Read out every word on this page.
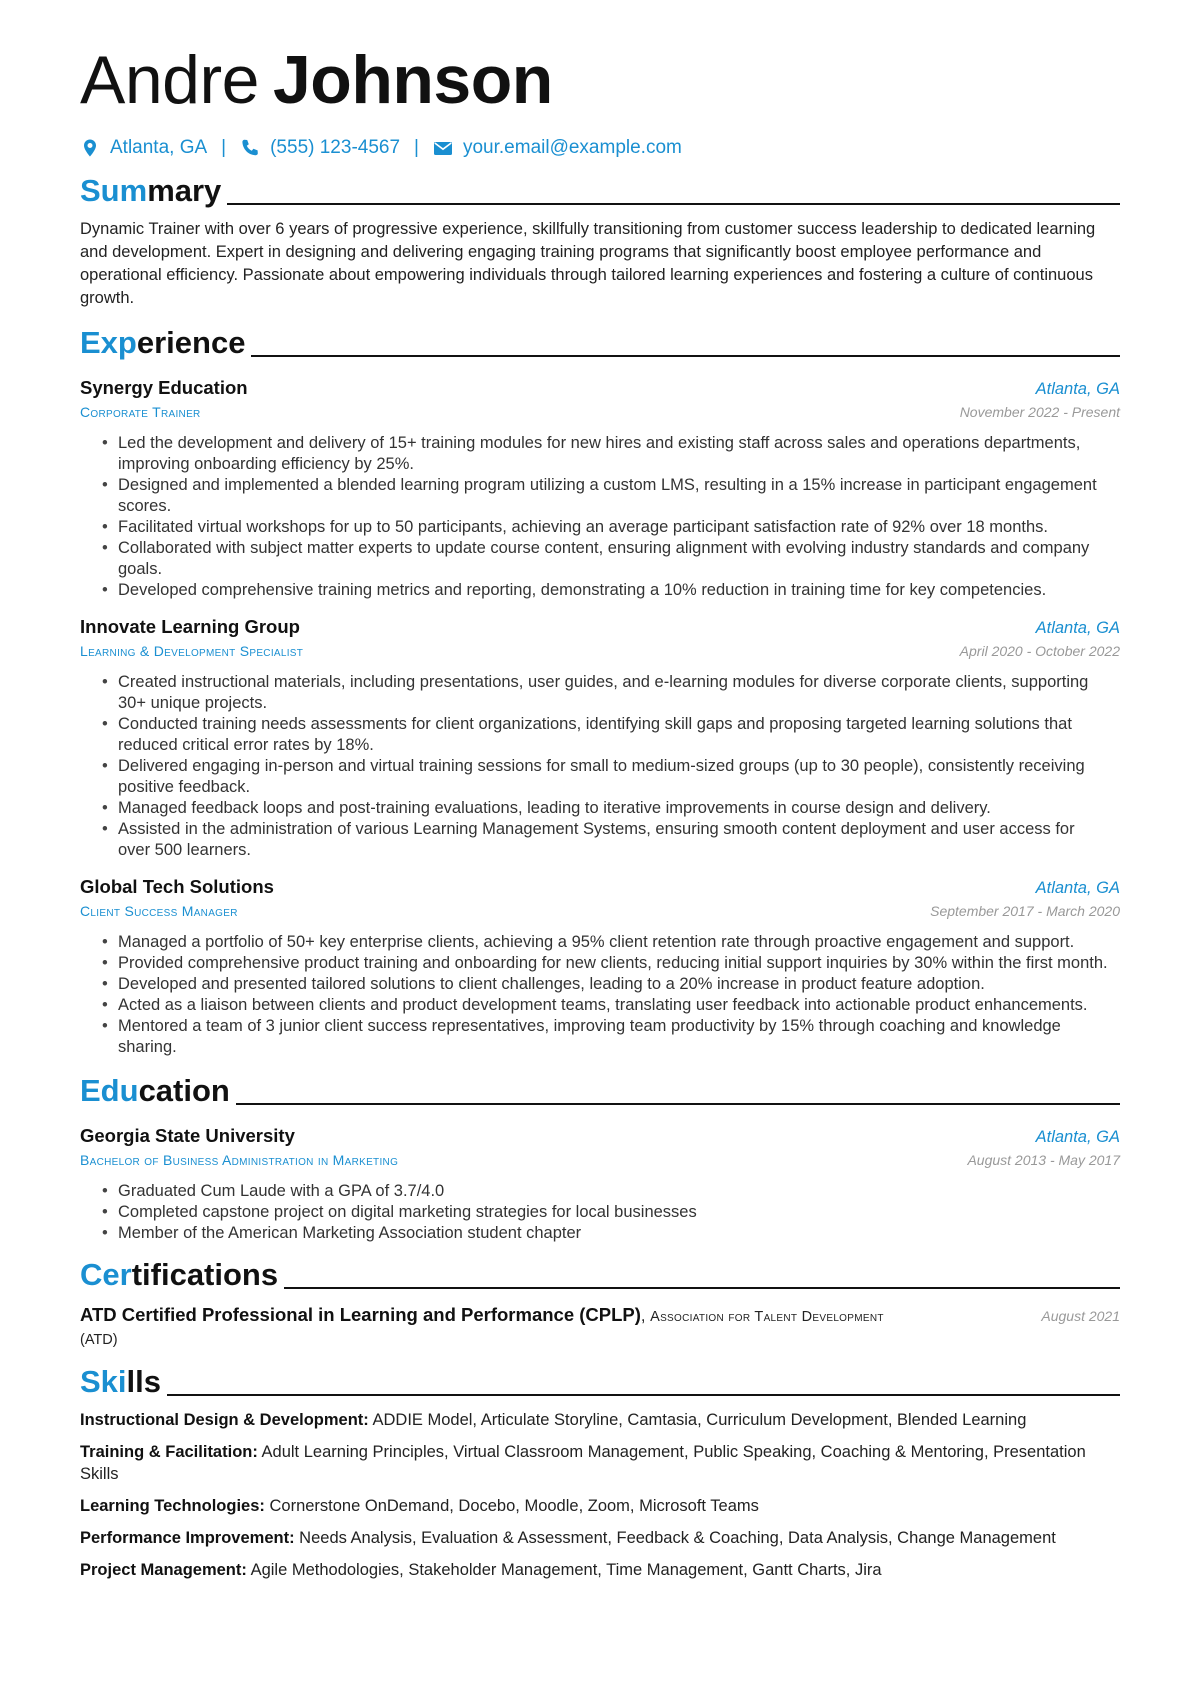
Andre Johnson
Atlanta, GA | (555) 123-4567 | your.email@example.com
Summary
Dynamic Trainer with over 6 years of progressive experience, skillfully transitioning from customer success leadership to dedicated learning and development. Expert in designing and delivering engaging training programs that significantly boost employee performance and operational efficiency. Passionate about empowering individuals through tailored learning experiences and fostering a culture of continuous growth.
Experience
Synergy Education	Atlanta, GA
Corporate Trainer	November 2022 - Present
• Led the development and delivery of 15+ training modules for new hires and existing staff across sales and operations departments, improving onboarding efficiency by 25%.
• Designed and implemented a blended learning program utilizing a custom LMS, resulting in a 15% increase in participant engagement scores.
• Facilitated virtual workshops for up to 50 participants, achieving an average participant satisfaction rate of 92% over 18 months.
• Collaborated with subject matter experts to update course content, ensuring alignment with evolving industry standards and company goals.
• Developed comprehensive training metrics and reporting, demonstrating a 10% reduction in training time for key competencies.
Innovate Learning Group	Atlanta, GA
Learning & Development Specialist	April 2020 - October 2022
• Created instructional materials, including presentations, user guides, and e-learning modules for diverse corporate clients, supporting 30+ unique projects.
• Conducted training needs assessments for client organizations, identifying skill gaps and proposing targeted learning solutions that reduced critical error rates by 18%.
• Delivered engaging in-person and virtual training sessions for small to medium-sized groups (up to 30 people), consistently receiving positive feedback.
• Managed feedback loops and post-training evaluations, leading to iterative improvements in course design and delivery.
• Assisted in the administration of various Learning Management Systems, ensuring smooth content deployment and user access for over 500 learners.
Global Tech Solutions	Atlanta, GA
Client Success Manager	September 2017 - March 2020
• Managed a portfolio of 50+ key enterprise clients, achieving a 95% client retention rate through proactive engagement and support.
• Provided comprehensive product training and onboarding for new clients, reducing initial support inquiries by 30% within the first month.
• Developed and presented tailored solutions to client challenges, leading to a 20% increase in product feature adoption.
• Acted as a liaison between clients and product development teams, translating user feedback into actionable product enhancements.
• Mentored a team of 3 junior client success representatives, improving team productivity by 15% through coaching and knowledge sharing.
Education
Georgia State University	Atlanta, GA
Bachelor of Business Administration in Marketing	August 2013 - May 2017
• Graduated Cum Laude with a GPA of 3.7/4.0
• Completed capstone project on digital marketing strategies for local businesses
• Member of the American Marketing Association student chapter
Certifications
ATD Certified Professional in Learning and Performance (CPLP), Association for Talent Development
(ATD)
August 2021
Skills
Instructional Design & Development: ADDIE Model, Articulate Storyline, Camtasia, Curriculum Development, Blended Learning
Training & Facilitation: Adult Learning Principles, Virtual Classroom Management, Public Speaking, Coaching & Mentoring, Presentation Skills
Learning Technologies: Cornerstone OnDemand, Docebo, Moodle, Zoom, Microsoft Teams
Performance Improvement: Needs Analysis, Evaluation & Assessment, Feedback & Coaching, Data Analysis, Change Management
Project Management: Agile Methodologies, Stakeholder Management, Time Management, Gantt Charts, Jira
